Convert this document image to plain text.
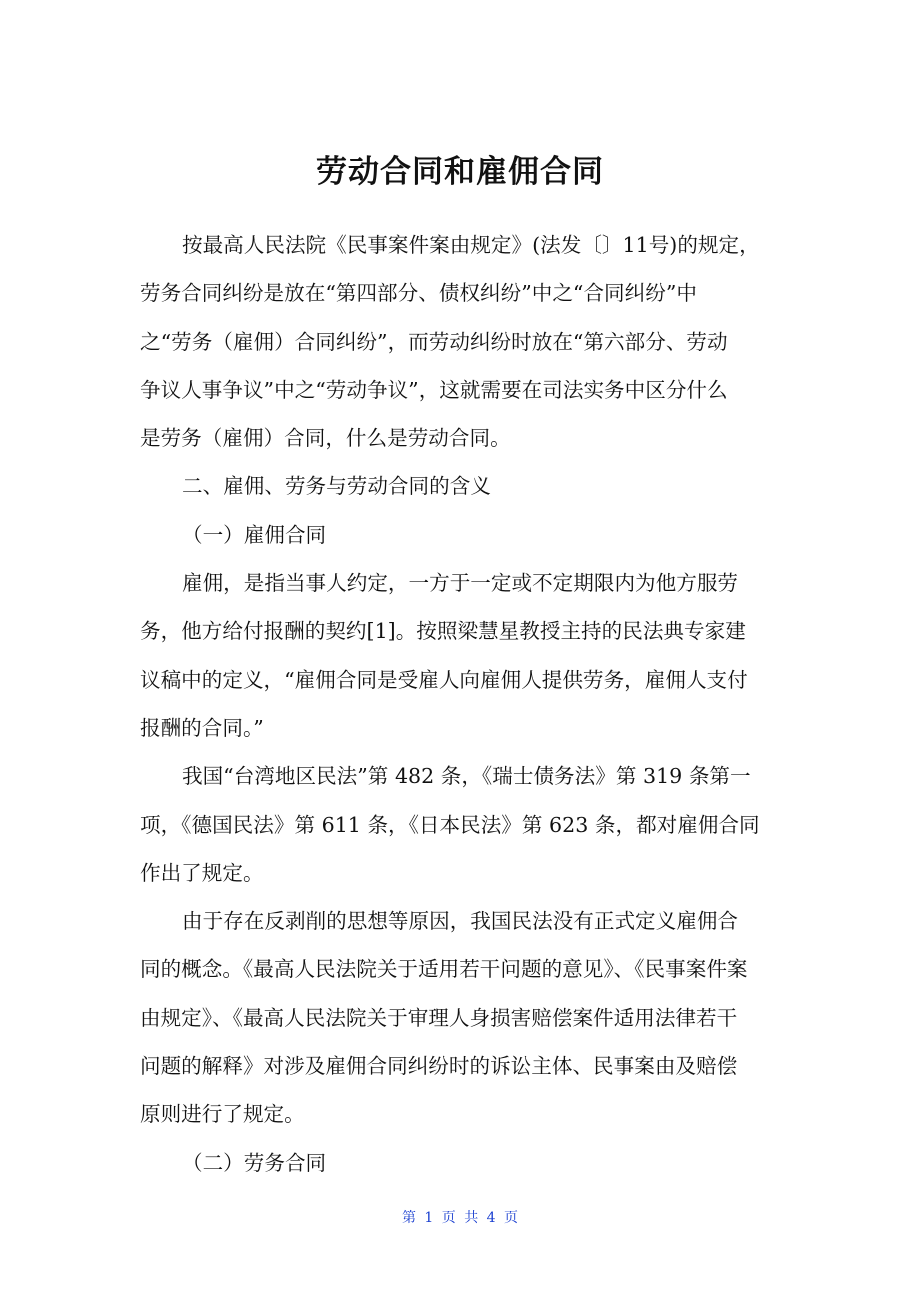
劳动合同和雇佣合同
按最高人民法院《民事案件案由规定》(法发〔〕11号)的规定，
劳务合同纠纷是放在“第四部分、债权纠纷”中之“合同纠纷”中
之“劳务（雇佣）合同纠纷”，而劳动纠纷时放在“第六部分、劳动
争议人事争议”中之“劳动争议”，这就需要在司法实务中区分什么
是劳务（雇佣）合同，什么是劳动合同。
二、雇佣、劳务与劳动合同的含义
（一）雇佣合同
雇佣，是指当事人约定，一方于一定或不定期限内为他方服劳
务，他方给付报酬的契约[1]。按照梁慧星教授主持的民法典专家建
议稿中的定义，“雇佣合同是受雇人向雇佣人提供劳务，雇佣人支付
报酬的合同。”
我国“台湾地区民法”第 482 条，《瑞士债务法》第 319 条第一
项，《德国民法》第 611 条，《日本民法》第 623 条，都对雇佣合同
作出了规定。
由于存在反剥削的思想等原因，我国民法没有正式定义雇佣合
同的概念。《最高人民法院关于适用若干问题的意见》、《民事案件案
由规定》、《最高人民法院关于审理人身损害赔偿案件适用法律若干
问题的解释》对涉及雇佣合同纠纷时的诉讼主体、民事案由及赔偿
原则进行了规定。
（二）劳务合同
第 1 页 共 4 页
